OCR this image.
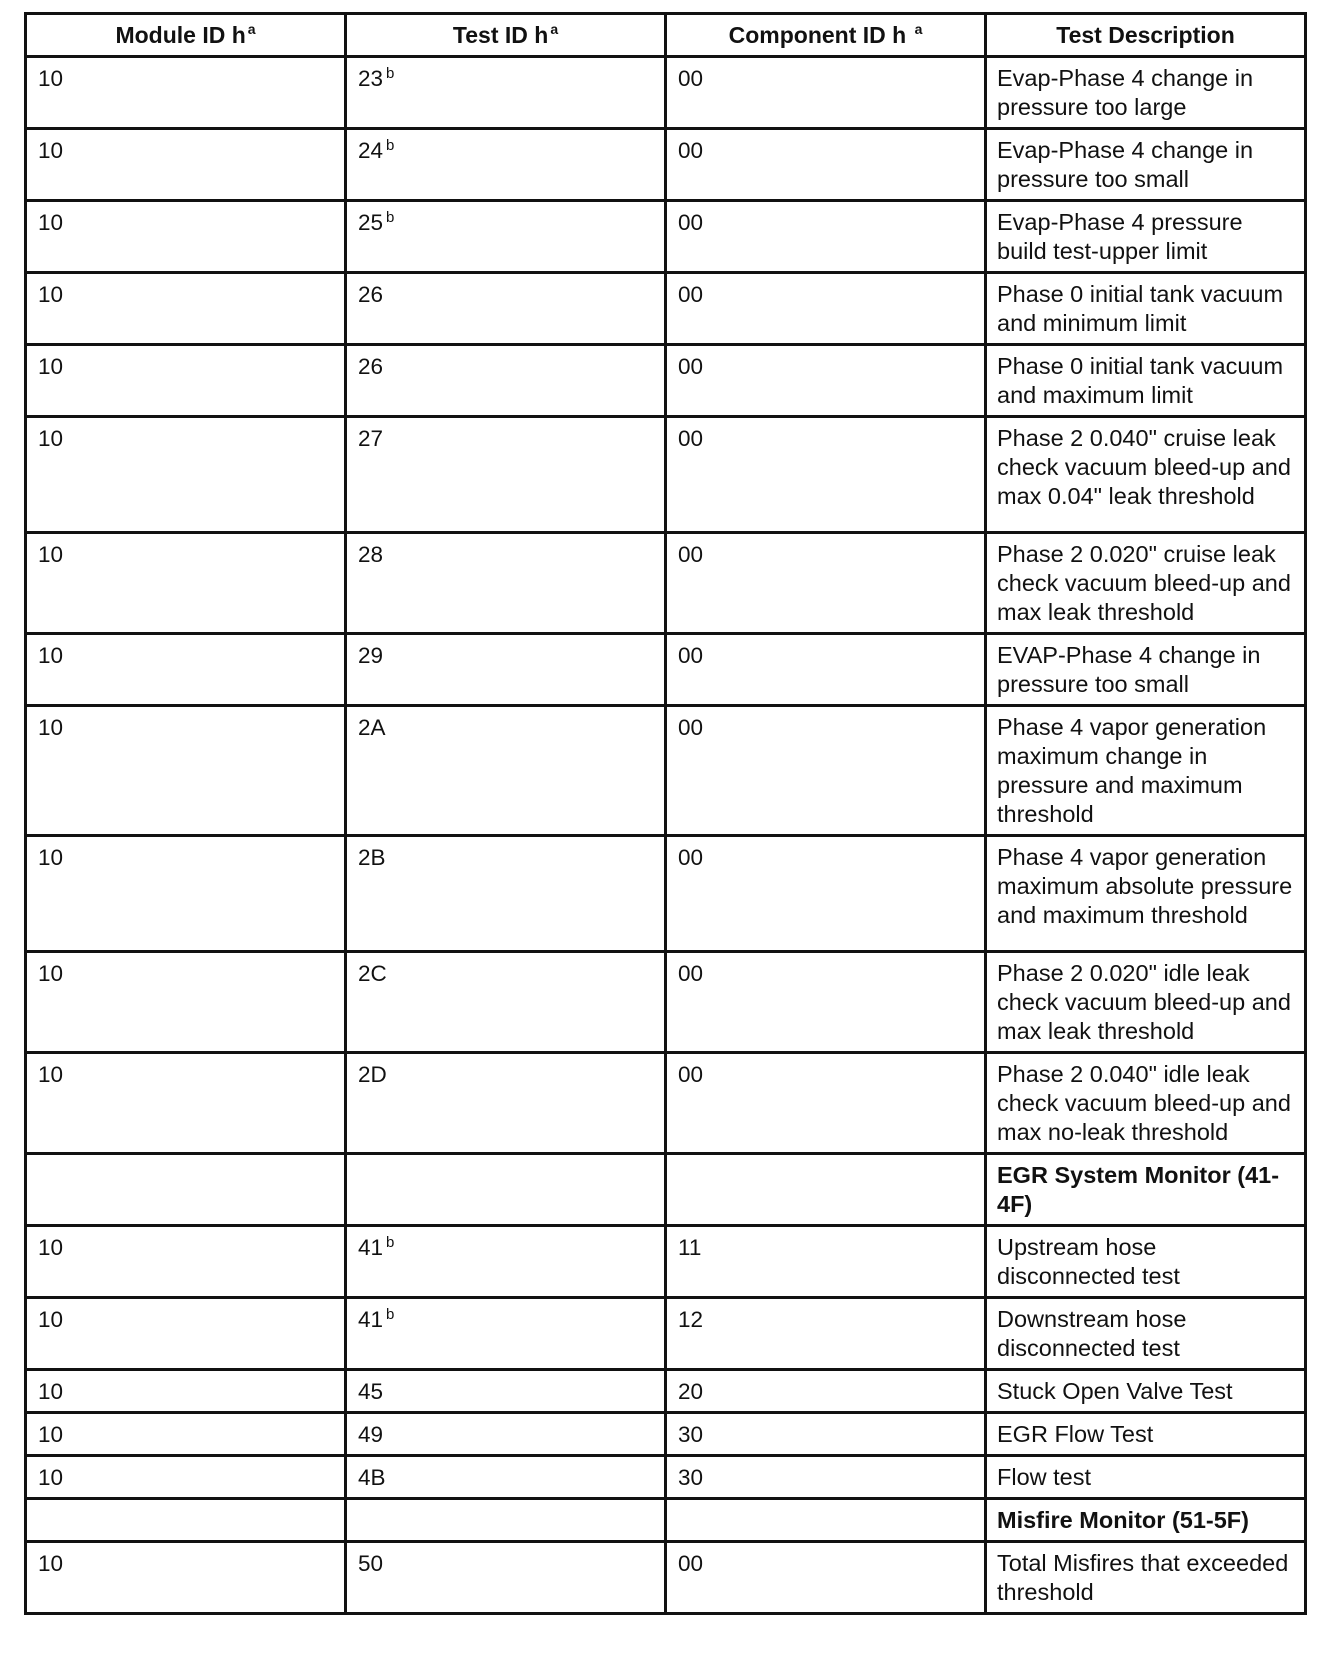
Module ID h $^a$	Test ID h $^a$	Component ID h $^a$	Test Description
10	23 $^b$	00	Evap-Phase 4 change in pressure too large
10	24 $^b$	00	Evap-Phase 4 change in pressure too small
10	25 $^b$	00	Evap-Phase 4 pressure build test-upper limit
10	26	00	Phase 0 initial tank vacuum and minimum limit
10	26	00	Phase 0 initial tank vacuum and maximum limit
10	27	00	Phase 2 0.040" cruise leak check vacuum bleed-up and max 0.04" leak threshold
10	28	00	Phase 2 0.020" cruise leak check vacuum bleed-up and max leak threshold
10	29	00	EVAP-Phase 4 change in pressure too small
10	2A	00	Phase 4 vapor generation maximum change in pressure and maximum threshold
10	2B	00	Phase 4 vapor generation maximum absolute pressure and maximum threshold
10	2C	00	Phase 2 0.020" idle leak check vacuum bleed-up and max leak threshold
10	2D	00	Phase 2 0.040" idle leak check vacuum bleed-up and max no-leak threshold
			EGR System Monitor (41-4F)
10	41 $^b$	11	Upstream hose disconnected test
10	41 $^b$	12	Downstream hose disconnected test
10	45	20	Stuck Open Valve Test
10	49	30	EGR Flow Test
10	4B	30	Flow test
			Misfire Monitor (51-5F)
10	50	00	Total Misfires that exceeded threshold
